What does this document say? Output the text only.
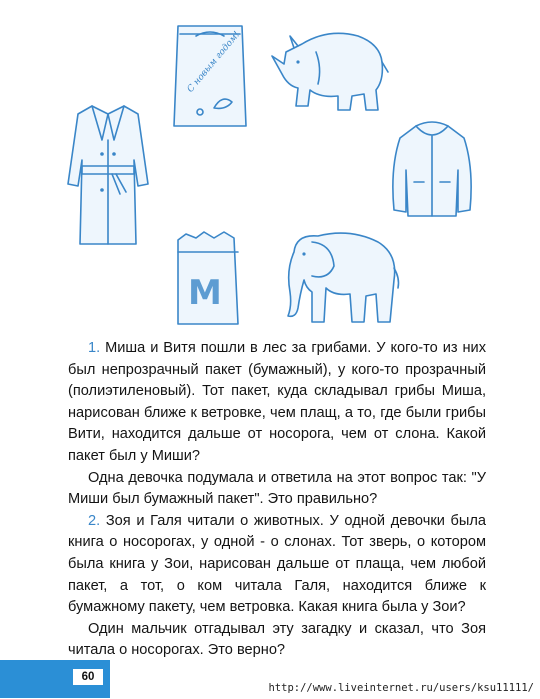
С новым годом!
M

1. Миша и Витя пошли в лес за грибами. У кого-то из них был непрозрачный пакет (бумажный), у кого-то прозрачный (полиэтиленовый). Тот пакет, куда складывал грибы Миша, нарисован ближе к ветровке, чем плащ, а то, где были грибы Вити, находится дальше от носорога, чем от слона. Какой пакет был у Миши?

Одна девочка подумала и ответила на этот вопрос так: "У Миши был бумажный пакет". Это правильно?

2. Зоя и Галя читали о животных. У одной девочки была книга о носорогах, у одной - о слонах. Тот зверь, о котором была книга у Зои, нарисован дальше от плаща, чем любой пакет, а тот, о ком читала Галя, находится ближе к бумажному пакету, чем ветровка. Какая книга была у Зои?

Один мальчик отгадывал эту загадку и сказал, что Зоя читала о носорогах. Это верно?

60
http://www.liveinternet.ru/users/ksu11111/
